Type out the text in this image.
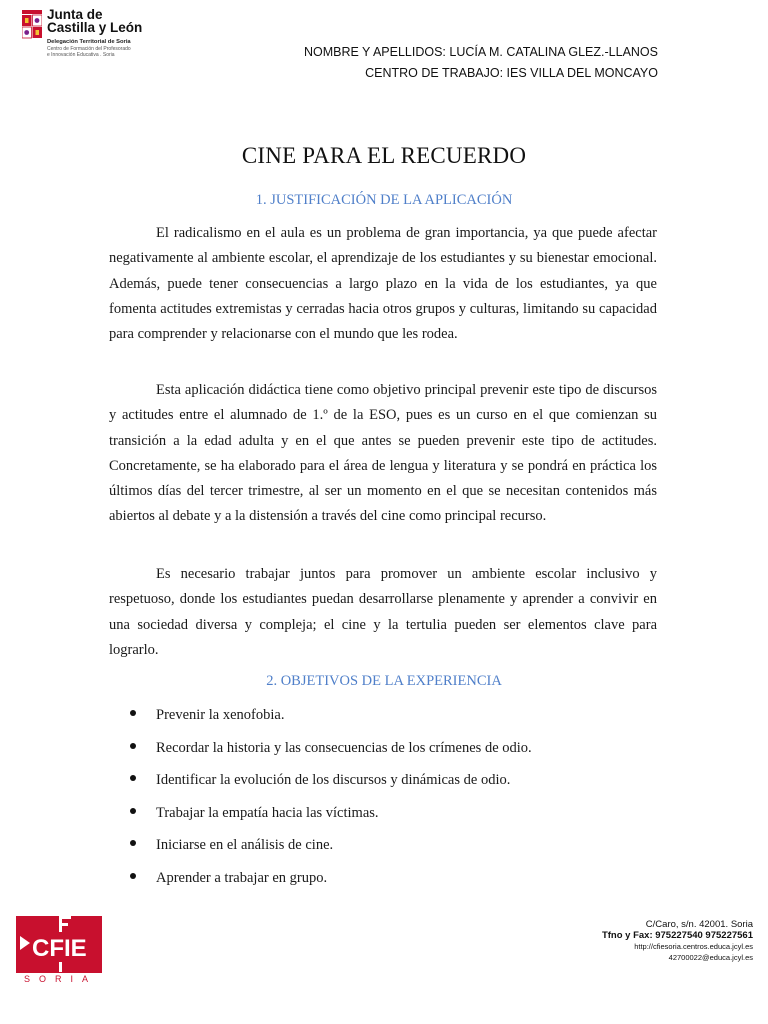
Junta de
Castilla y León
Delegación Territorial de Soria
Centro de Formación del Profesorado
e Innovación Educativa . Soria	NOMBRE Y APELLIDOS: LUCÍA M. CATALINA GLEZ.-LLANOS
CENTRO DE TRABAJO: IES VILLA DEL MONCAYO
CINE PARA EL RECUERDO
1. JUSTIFICACIÓN DE LA APLICACIÓN

El radicalismo en el aula es un problema de gran importancia, ya que puede afectar negativamente al ambiente escolar, el aprendizaje de los estudiantes y su bienestar emocional. Además, puede tener consecuencias a largo plazo en la vida de los estudiantes, ya que fomenta actitudes extremistas y cerradas hacia otros grupos y culturas, limitando su capacidad para comprender y relacionarse con el mundo que les rodea.

Esta aplicación didáctica tiene como objetivo principal prevenir este tipo de discursos y actitudes entre el alumnado de 1.º de la ESO, pues es un curso en el que comienzan su transición a la edad adulta y en el que antes se pueden prevenir este tipo de actitudes. Concretamente, se ha elaborado para el área de lengua y literatura y se pondrá en práctica los últimos días del tercer trimestre, al ser un momento en el que se necesitan contenidos más abiertos al debate y a la distensión a través del cine como principal recurso.

Es necesario trabajar juntos para promover un ambiente escolar inclusivo y respetuoso, donde los estudiantes puedan desarrollarse plenamente y aprender a convivir en una sociedad diversa y compleja; el cine y la tertulia pueden ser elementos clave para lograrlo.

2. OBJETIVOS DE LA EXPERIENCIA
Prevenir la xenofobia.
Recordar la historia y las consecuencias de los crímenes de odio.
Identificar la evolución de los discursos y dinámicas de odio.
Trabajar la empatía hacia las víctimas.
Iniciarse en el análisis de cine.
Aprender a trabajar en grupo.
CFIE
SORIA
C/Caro, s/n. 42001. Soria
Tfno y Fax: 975227540 975227561
http://cfiesoria.centros.educa.jcyl.es
42700022@educa.jcyl.es
